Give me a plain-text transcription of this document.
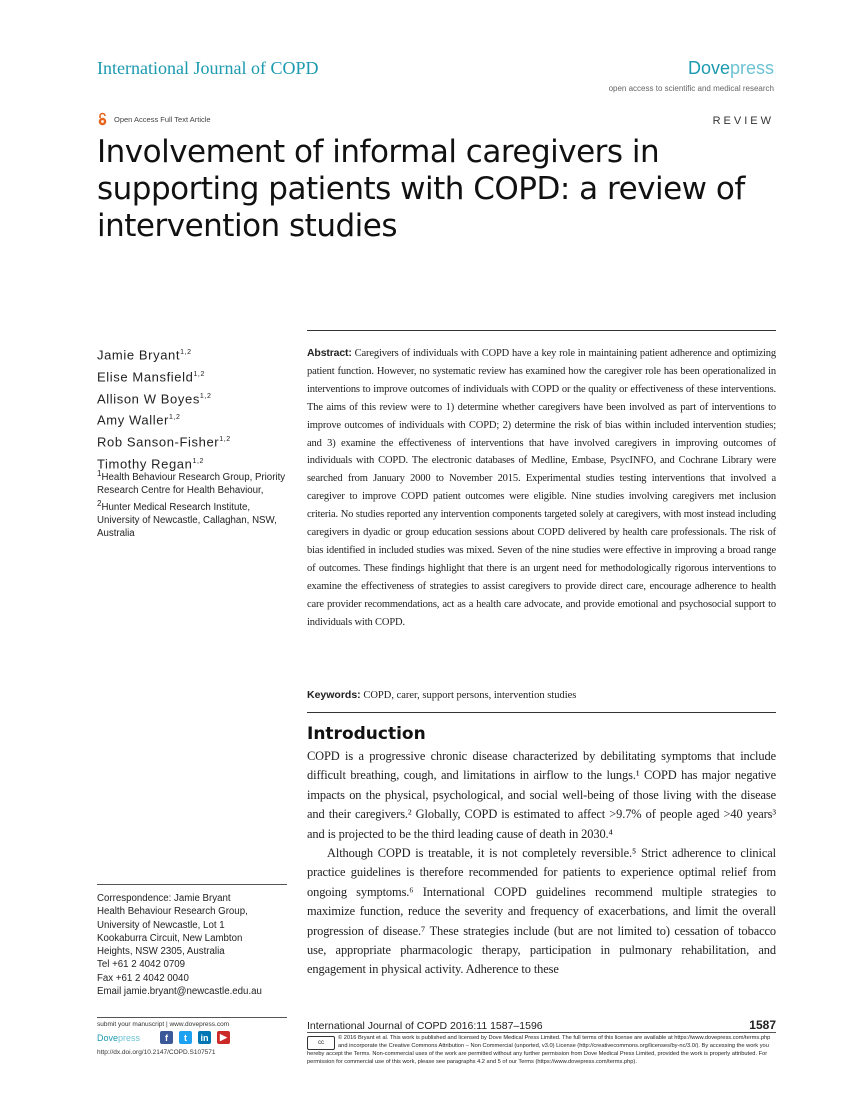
International Journal of COPD	Dovepress
open access to scientific and medical research
Open Access Full Text Article	REVIEW
Involvement of informal caregivers in supporting patients with COPD: a review of intervention studies
Jamie Bryant$^{1,2}$
Elise Mansfield$^{1,2}$
Allison W Boyes$^{1,2}$
Amy Waller$^{1,2}$
Rob Sanson-Fisher$^{1,2}$
Timothy Regan$^{1,2}$
$^1$Health Behaviour Research Group, Priority Research Centre for Health Behaviour, $^2$Hunter Medical Research Institute, University of Newcastle, Callaghan, NSW, Australia
Abstract: Caregivers of individuals with COPD have a key role in maintaining patient adherence and optimizing patient function. However, no systematic review has examined how the caregiver role has been operationalized in interventions to improve outcomes of individuals with COPD or the quality or effectiveness of these interventions. The aims of this review were to 1) determine whether caregivers have been involved as part of interventions to improve outcomes of individuals with COPD; 2) determine the risk of bias within included intervention studies; and 3) examine the effectiveness of interventions that have involved caregivers in improving outcomes of individuals with COPD. The electronic databases of Medline, Embase, PsycINFO, and Cochrane Library were searched from January 2000 to November 2015. Experimental studies testing interventions that involved a caregiver to improve COPD patient outcomes were eligible. Nine studies involving caregivers met inclusion criteria. No studies reported any intervention components targeted solely at caregivers, with most instead including caregivers in dyadic or group education sessions about COPD delivered by health care professionals. The risk of bias identified in included studies was mixed. Seven of the nine studies were effective in improving a broad range of outcomes. These findings highlight that there is an urgent need for methodologically rigorous interventions to examine the effectiveness of strategies to assist caregivers to provide direct care, encourage adherence to health care provider recommendations, act as a health care advocate, and provide emotional and psychosocial support to individuals with COPD.
Keywords: COPD, carer, support persons, intervention studies
Introduction

COPD is a progressive chronic disease characterized by debilitating symptoms that include difficult breathing, cough, and limitations in airflow to the lungs.¹ COPD has major negative impacts on the physical, psychological, and social well-being of those living with the disease and their caregivers.² Globally, COPD is estimated to affect >9.7% of people aged >40 years³ and is projected to be the third leading cause of death in 2030.⁴

Although COPD is treatable, it is not completely reversible.⁵ Strict adherence to clinical practice guidelines is therefore recommended for patients to experience optimal relief from ongoing symptoms.⁶ International COPD guidelines recommend multiple strategies to maximize function, reduce the severity and frequency of exacerbations, and limit the overall progression of disease.⁷ These strategies include (but are not limited to) cessation of tobacco use, appropriate pharmacologic therapy, participation in pulmonary rehabilitation, and engagement in physical activity. Adherence to these

Correspondence: Jamie Bryant
Health Behaviour Research Group,
University of Newcastle, Lot 1
Kookaburra Circuit, New Lambton
Heights, NSW 2305, Australia
Tel +61 2 4042 0709
Fax +61 2 4042 0040
Email jamie.bryant@newcastle.edu.au
submit your manuscript | www.dovepress.com
Dovepress	f	t	in	▶
http://dx.doi.org/10.2147/COPD.S107571
International Journal of COPD 2016:11 1587–1596	1587
cc
© 2016 Bryant et al. This work is published and licensed by Dove Medical Press Limited. The full terms of this license are available at https://www.dovepress.com/terms.php and incorporate the Creative Commons Attribution – Non Commercial (unported, v3.0) License (http://creativecommons.org/licenses/by-nc/3.0/). By accessing the work you
hereby accept the Terms. Non-commercial uses of the work are permitted without any further permission from Dove Medical Press Limited, provided the work is properly attributed. For permission for commercial use of this work, please see paragraphs 4.2 and 5 of our Terms (https://www.dovepress.com/terms.php).
